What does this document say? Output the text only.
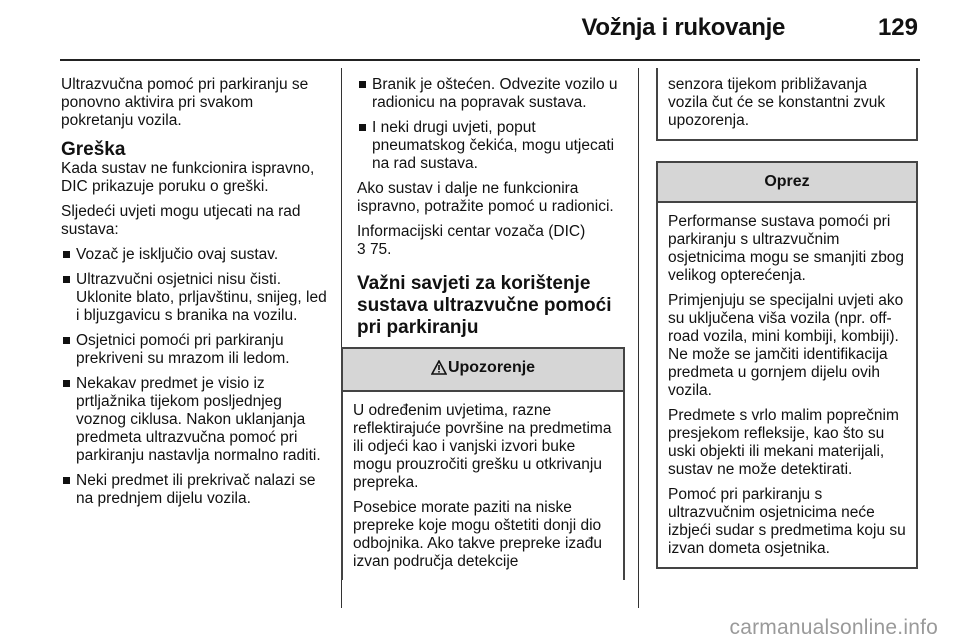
Vožnja i rukovanje	129

Ultrazvučna pomoć pri parkiranju se ponovno aktivira pri svakom pokretanju vozila.

Greška

Kada sustav ne funkcionira ispravno, DIC prikazuje poruku o greški.

Sljedeći uvjeti mogu utjecati na rad sustava:

Vozač je isključio ovaj sustav.
Ultrazvučni osjetnici nisu čisti. Uklonite blato, prljavštinu, snijeg, led i bljuzgavicu s branika na vozilu.
Osjetnici pomoći pri parkiranju prekriveni su mrazom ili ledom.
Nekakav predmet je visio iz prtljažnika tijekom posljednjeg voznog ciklusa. Nakon uklanjanja predmeta ultrazvučna pomoć pri parkiranju nastavlja normalno raditi.
Neki predmet ili prekrivač nalazi se na prednjem dijelu vozila.
Branik je oštećen. Odvezite vozilo u radionicu na popravak sustava.
I neki drugi uvjeti, poput pneumatskog čekića, mogu utjecati na rad sustava.

Ako sustav i dalje ne funkcionira ispravno, potražite pomoć u radionici.

Informacijski centar vozača (DIC)
3 75.

Važni savjeti za korištenje sustava ultrazvučne pomoći pri parkiranju
Upozorenje

U određenim uvjetima, razne reflektirajuće površine na predmetima ili odjeći kao i vanjski izvori buke mogu prouzročiti grešku u otkrivanju prepreka.

Posebice morate paziti na niske prepreke koje mogu oštetiti donji dio odbojnika. Ako takve prepreke izađu izvan područja detekcije

senzora tijekom približavanja vozila čut će se konstantni zvuk upozorenja.

Oprez

Performanse sustava pomoći pri parkiranju s ultrazvučnim osjetnicima mogu se smanjiti zbog velikog opterećenja.

Primjenjuju se specijalni uvjeti ako su uključena viša vozila (npr. off-road vozila, mini kombiji, kombiji). Ne može se jamčiti identifikacija predmeta u gornjem dijelu ovih vozila.

Predmete s vrlo malim poprečnim presjekom refleksije, kao što su uski objekti ili mekani materijali, sustav ne može detektirati.

Pomoć pri parkiranju s ultrazvučnim osjetnicima neće izbjeći sudar s predmetima koju su izvan dometa osjetnika.

carmanualsonline.info
